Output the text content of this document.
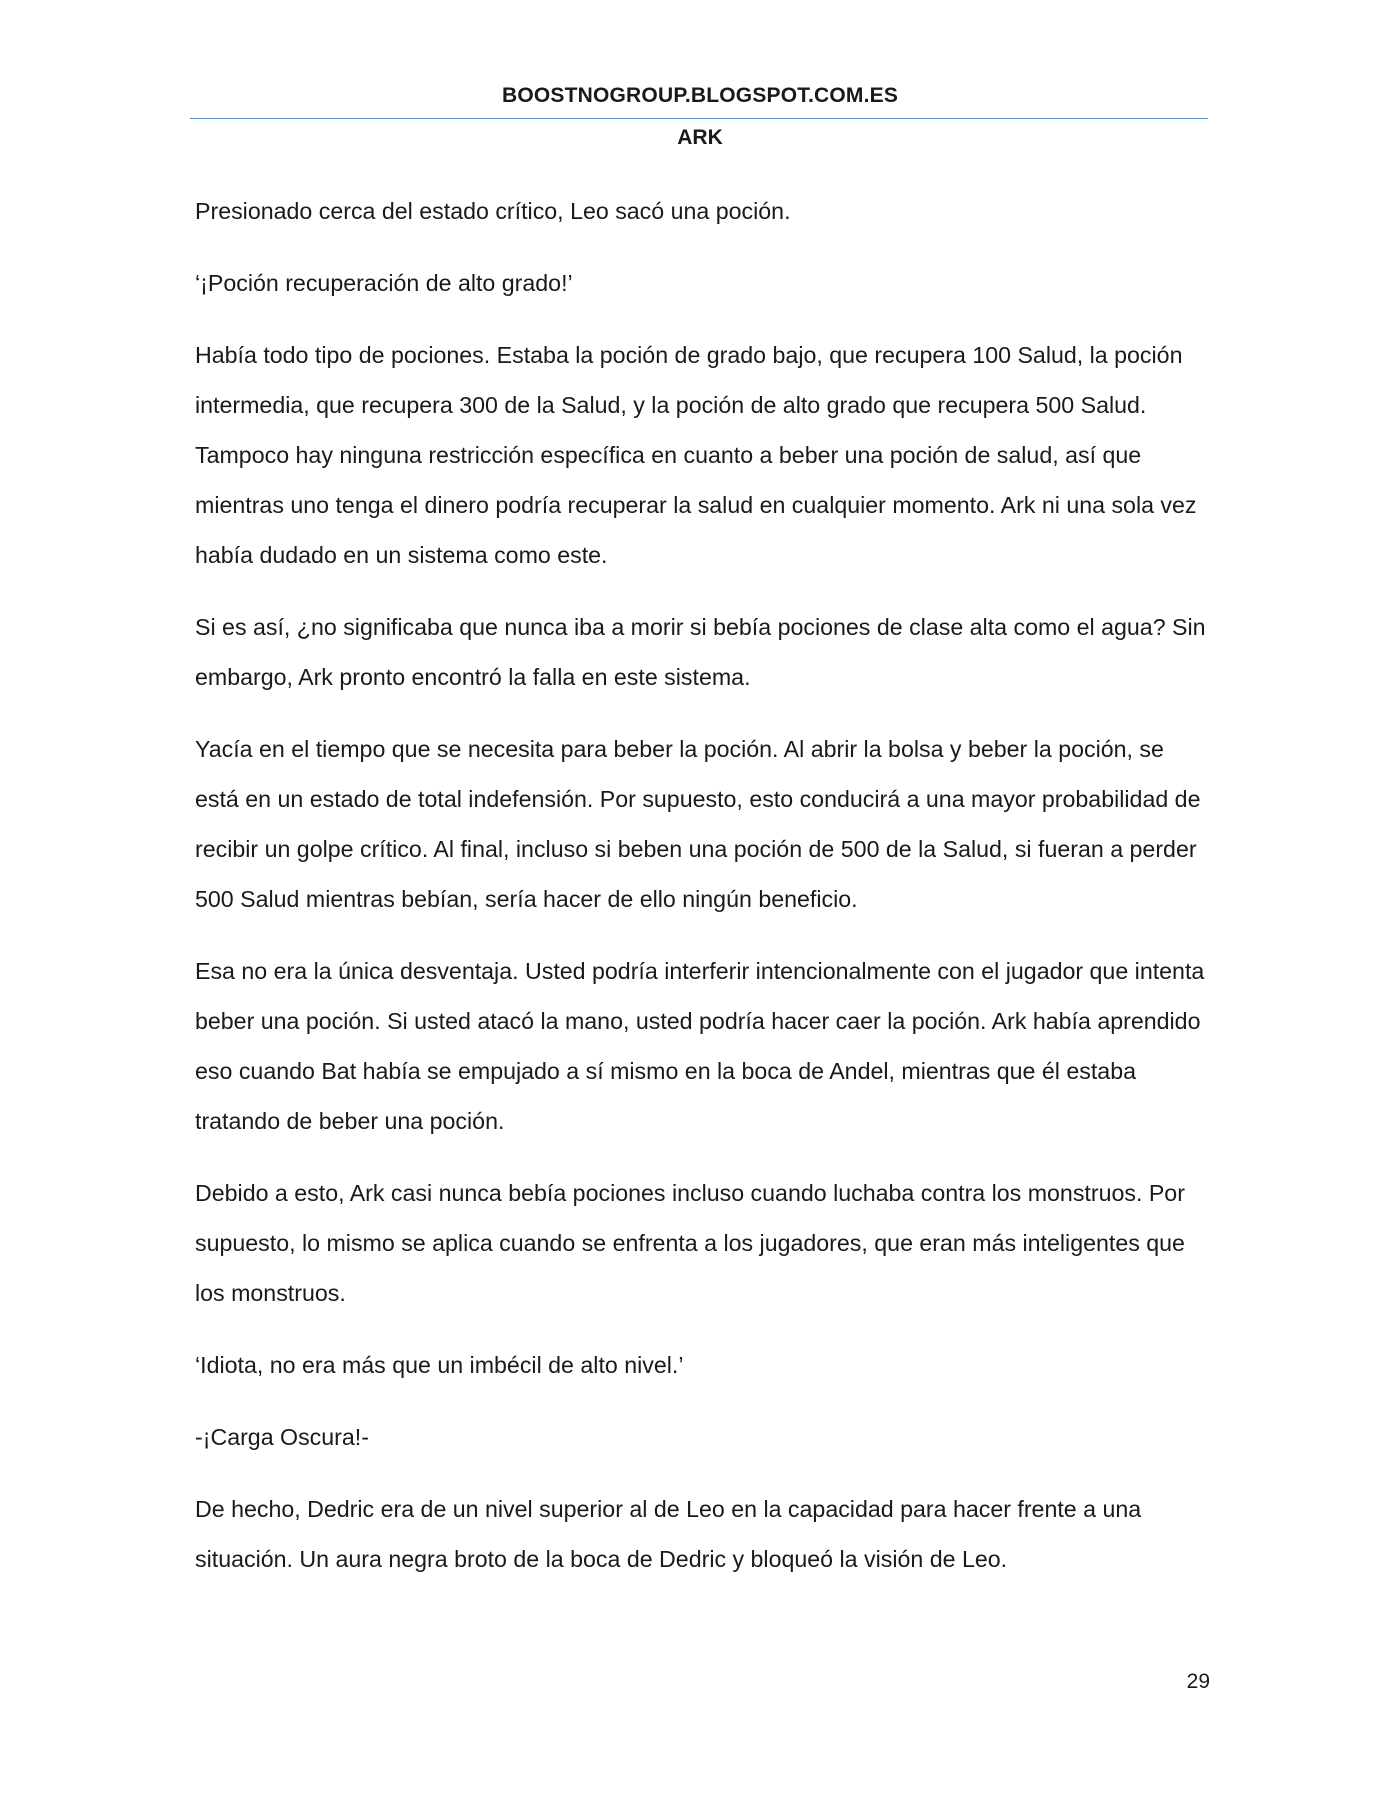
BOOSTNOGROUP.BLOGSPOT.COM.ES
ARK

Presionado cerca del estado crítico, Leo sacó una poción.

‘¡Poción recuperación de alto grado!’

Había todo tipo de pociones. Estaba la poción de grado bajo, que recupera 100 Salud, la poción intermedia, que recupera 300 de la Salud, y la poción de alto grado que recupera 500 Salud. Tampoco hay ninguna restricción específica en cuanto a beber una poción de salud, así que mientras uno tenga el dinero podría recuperar la salud en cualquier momento. Ark ni una sola vez había dudado en un sistema como este.

Si es así, ¿no significaba que nunca iba a morir si bebía pociones de clase alta como el agua? Sin embargo, Ark pronto encontró la falla en este sistema.

Yacía en el tiempo que se necesita para beber la poción. Al abrir la bolsa y beber la poción, se está en un estado de total indefensión. Por supuesto, esto conducirá a una mayor probabilidad de recibir un golpe crítico. Al final, incluso si beben una poción de 500 de la Salud, si fueran a perder 500 Salud mientras bebían, sería hacer de ello ningún beneficio.

Esa no era la única desventaja. Usted podría interferir intencionalmente con el jugador que intenta beber una poción. Si usted atacó la mano, usted podría hacer caer la poción. Ark había aprendido eso cuando Bat había se empujado a sí mismo en la boca de Andel, mientras que él estaba tratando de beber una poción.

Debido a esto, Ark casi nunca bebía pociones incluso cuando luchaba contra los monstruos. Por supuesto, lo mismo se aplica cuando se enfrenta a los jugadores, que eran más inteligentes que los monstruos.

‘Idiota, no era más que un imbécil de alto nivel.’

-¡Carga Oscura!-

De hecho, Dedric era de un nivel superior al de Leo en la capacidad para hacer frente a una situación. Un aura negra broto de la boca de Dedric y bloqueó la visión de Leo.

29
